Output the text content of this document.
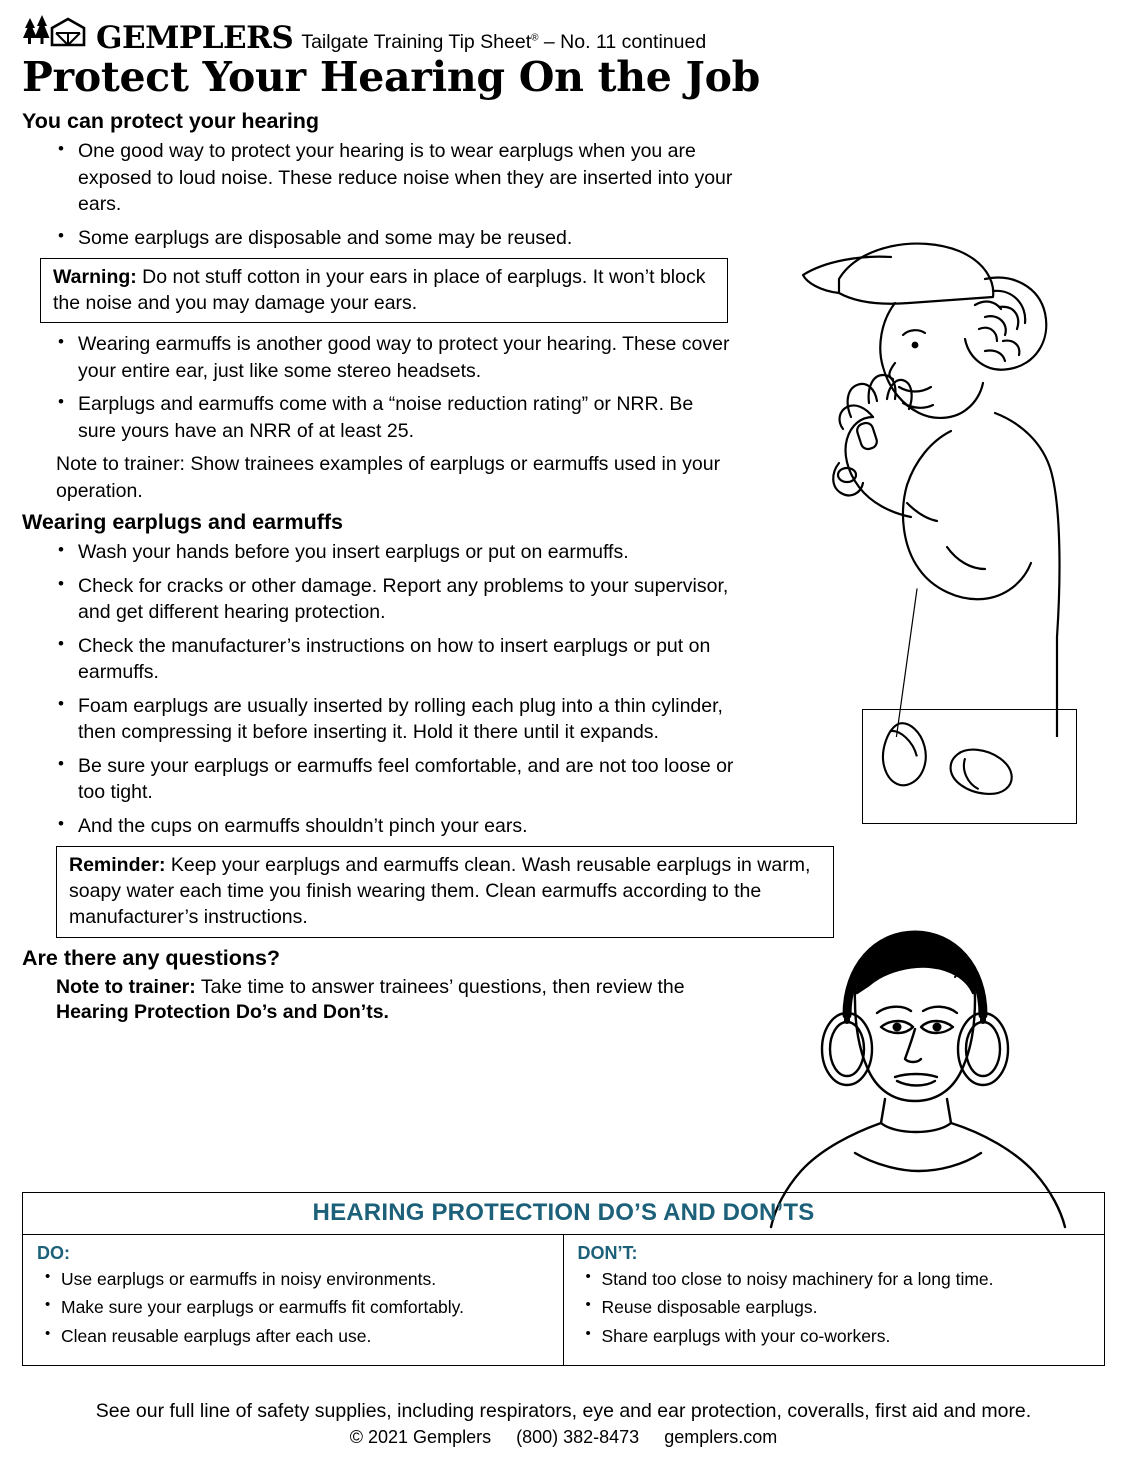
GEMPLERS Tailgate Training Tip Sheet® – No. 11 continued
Protect Your Hearing On the Job
You can protect your hearing
• One good way to protect your hearing is to wear earplugs when you are exposed to loud noise. These reduce noise when they are inserted into your ears.
• Some earplugs are disposable and some may be reused.
Warning: Do not stuff cotton in your ears in place of earplugs. It won’t block the noise and you may damage your ears.
• Wearing earmuffs is another good way to protect your hearing. These cover your entire ear, just like some stereo headsets.
• Earplugs and earmuffs come with a “noise reduction rating” or NRR. Be sure yours have an NRR of at least 25.
Note to trainer: Show trainees examples of earplugs or earmuffs used in your operation.
Wearing earplugs and earmuffs
• Wash your hands before you insert earplugs or put on earmuffs.
• Check for cracks or other damage. Report any problems to your supervisor, and get different hearing protection.
• Check the manufacturer’s instructions on how to insert earplugs or put on earmuffs.
• Foam earplugs are usually inserted by rolling each plug into a thin cylinder, then compressing it before inserting it. Hold it there until it expands.
• Be sure your earplugs or earmuffs feel comfortable, and are not too loose or too tight.
• And the cups on earmuffs shouldn’t pinch your ears.
Reminder: Keep your earplugs and earmuffs clean. Wash reusable earplugs in warm, soapy water each time you finish wearing them. Clean earmuffs according to the manufacturer’s instructions.
Are there any questions?
Note to trainer: Take time to answer trainees’ questions, then review the Hearing Protection Do’s and Don’ts.
HEARING PROTECTION DO’S AND DON’TS
DO:
• Use earplugs or earmuffs in noisy environments.
• Make sure your earplugs or earmuffs fit comfortably.
• Clean reusable earplugs after each use.
DON’T:
• Stand too close to noisy machinery for a long time.
• Reuse disposable earplugs.
• Share earplugs with your co-workers.
See our full line of safety supplies, including respirators, eye and ear protection, coveralls, first aid and more.
© 2021 Gemplers (800) 382-8473 gemplers.com
